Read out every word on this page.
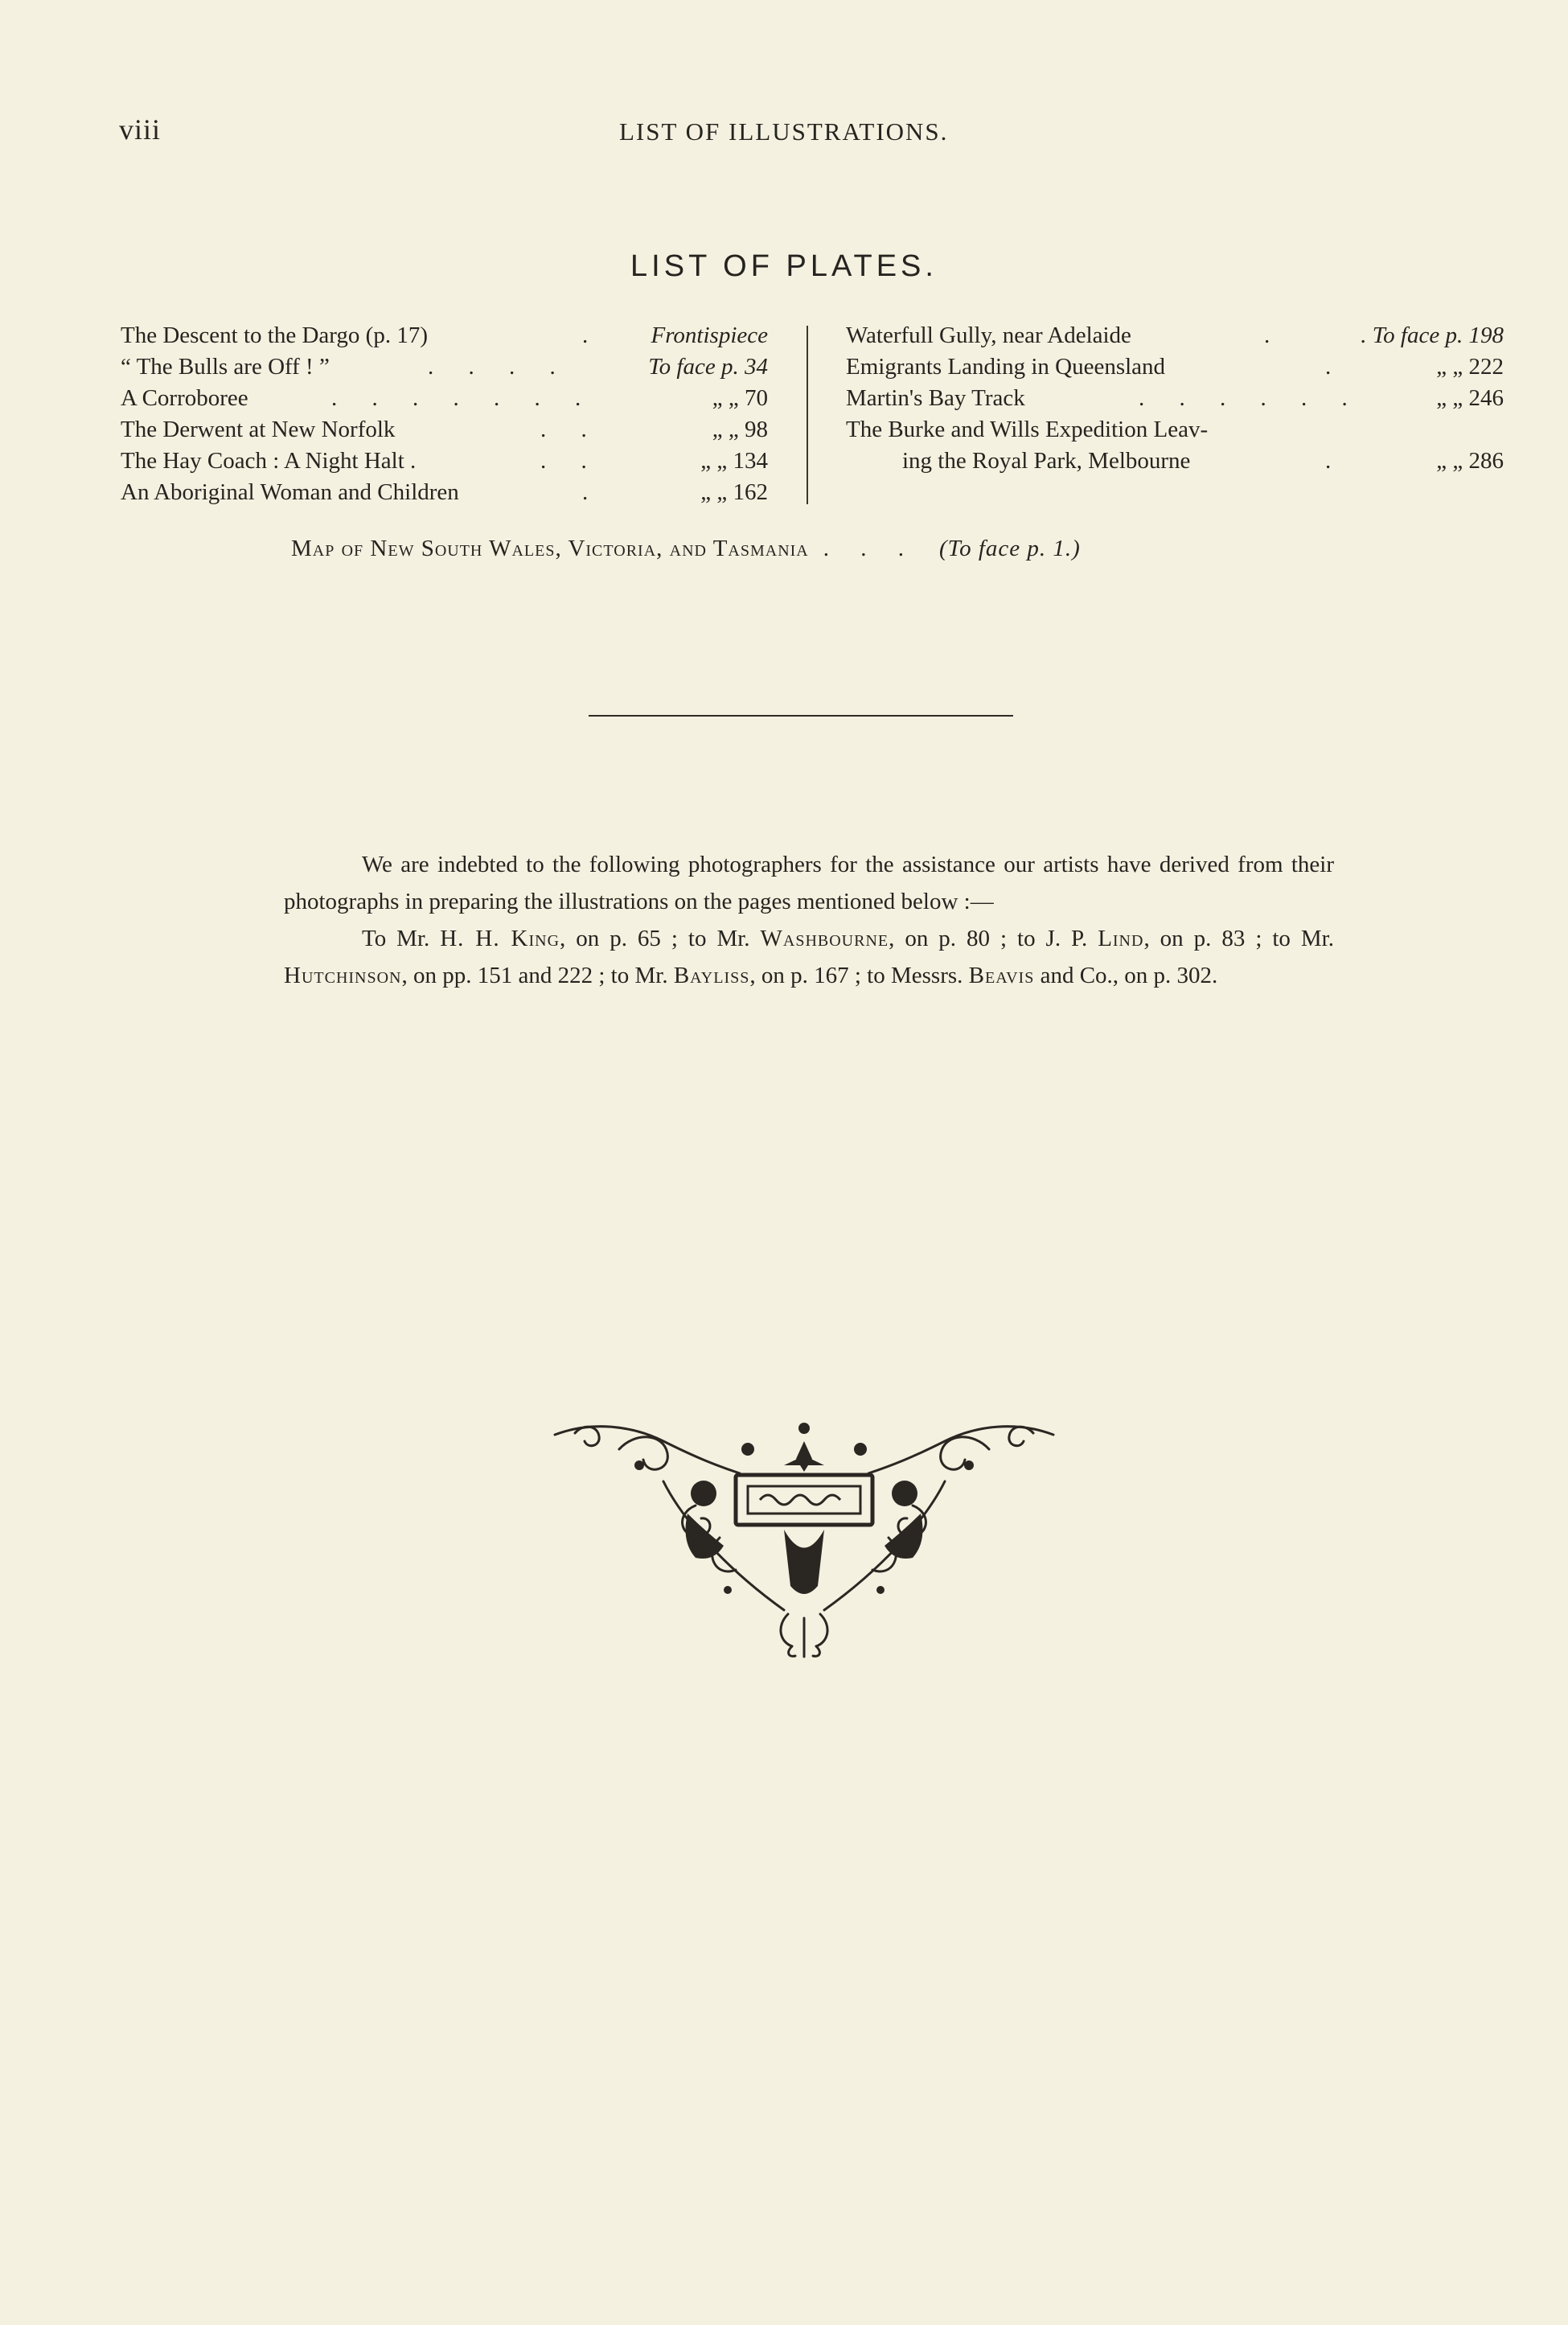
viii	LIST OF ILLUSTRATIONS.
LIST OF PLATES.
The Descent to the Dargo (p. 17)	. Frontispiece
“ The Bulls are Off ! ”	. . . .	To face p. 34
A Corroboree	. . . . . . .	„ „ 70
The Derwent at New Norfolk	. .	„ „ 98
The Hay Coach : A Night Halt .	. .	„ „ 134
An Aboriginal Woman and Children	.	„ „ 162
Waterfull Gully, near Adelaide	.	. To face p. 198
Emigrants Landing in Queensland	.	„ „ 222
Martin's Bay Track	. . . . . .	„ „ 246
The Burke and Wills Expedition Leav-
ing the Royal Park, Melbourne	.	„ „ 286
Map of New South Wales, Victoria, and Tasmania . . . (To face p. 1.)

We are indebted to the following photographers for the assistance our artists have derived from their photographs in preparing the illustrations on the pages mentioned below :—

To Mr. H. H. King, on p. 65 ; to Mr. Washbourne, on p. 80 ; to J. P. Lind, on p. 83 ; to Mr. Hutchinson, on pp. 151 and 222 ; to Mr. Bayliss, on p. 167 ; to Messrs. Beavis and Co., on p. 302.
